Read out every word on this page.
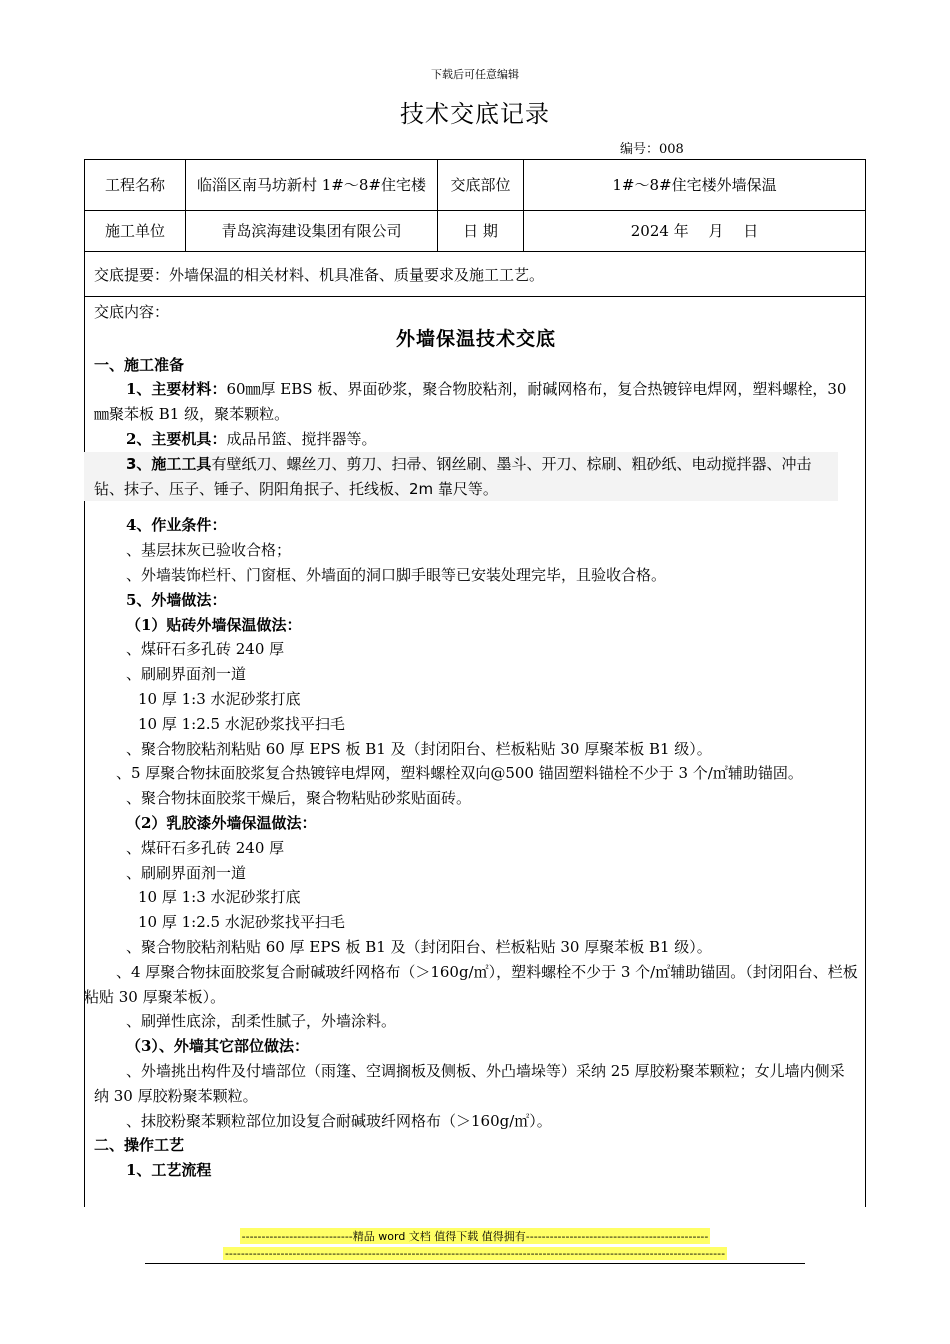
下载后可任意编辑
技术交底记录
编号：008
工程名称	临淄区南马坊新村 1#～8#住宅楼	交底部位	1#～8#住宅楼外墙保温
施工单位	青岛滨海建设集团有限公司	日 期	2024 年　 月　 日
交底提要：外墙保温的相关材料、机具准备、质量要求及施工工艺。

交底内容：

外墙保温技术交底

一、施工准备

1、主要材料：60㎜厚 EBS 板、界面砂浆，聚合物胶粘剂，耐碱网格布，复合热镀锌电焊网，塑料螺栓，30㎜聚苯板 B1 级，聚苯颗粒。

2、主要机具：成品吊篮、搅拌器等。

3、施工工具有壁纸刀、螺丝刀、剪刀、扫帚、钢丝刷、墨斗、开刀、棕刷、粗砂纸、电动搅拌器、冲击钻、抹子、压子、锤子、阴阳角抿子、托线板、2m 靠尺等。

4、作业条件：

、基层抹灰已验收合格；

、外墙装饰栏杆、门窗框、外墙面的洞口脚手眼等已安装处理完毕，且验收合格。

5、外墙做法：

（1）贴砖外墙保温做法：

、煤矸石多孔砖 240 厚

、刷刷界面剂一道

10 厚 1:3 水泥砂浆打底

10 厚 1:2.5 水泥砂浆找平扫毛

、聚合物胶粘剂粘贴 60 厚 EPS 板 B1 及（封闭阳台、栏板粘贴 30 厚聚苯板 B1 级）。

、5 厚聚合物抹面胶浆复合热镀锌电焊网，塑料螺栓双向@500 锚固塑料锚栓不少于 3 个/㎡辅助锚固。

、聚合物抹面胶浆干燥后，聚合物粘贴砂浆贴面砖。

（2）乳胶漆外墙保温做法：

、煤矸石多孔砖 240 厚

、刷刷界面剂一道

10 厚 1:3 水泥砂浆打底

10 厚 1:2.5 水泥砂浆找平扫毛

、聚合物胶粘剂粘贴 60 厚 EPS 板 B1 及（封闭阳台、栏板粘贴 30 厚聚苯板 B1 级）。

、4 厚聚合物抹面胶浆复合耐碱玻纤网格布（＞160g/㎡），塑料螺栓不少于 3 个/㎡辅助锚固。（封闭阳台、栏板粘贴 30 厚聚苯板）。

、刷弹性底涂，刮柔性腻子，外墙涂料。

（3）、外墙其它部位做法：

、外墙挑出构件及付墙部位（雨篷、空调搁板及侧板、外凸墙垛等）采纳 25 厚胶粉聚苯颗粒；女儿墙内侧采纳 30 厚胶粉聚苯颗粒。

、抹胶粉聚苯颗粒部位加设复合耐碱玻纤网格布（＞160g/㎡）。

二、操作工艺

1、工艺流程

----------------------------精品 word 文档 值得下载 值得拥有----------------------------------------------
------------------------------------------------------------------------------------------------------------------------------
